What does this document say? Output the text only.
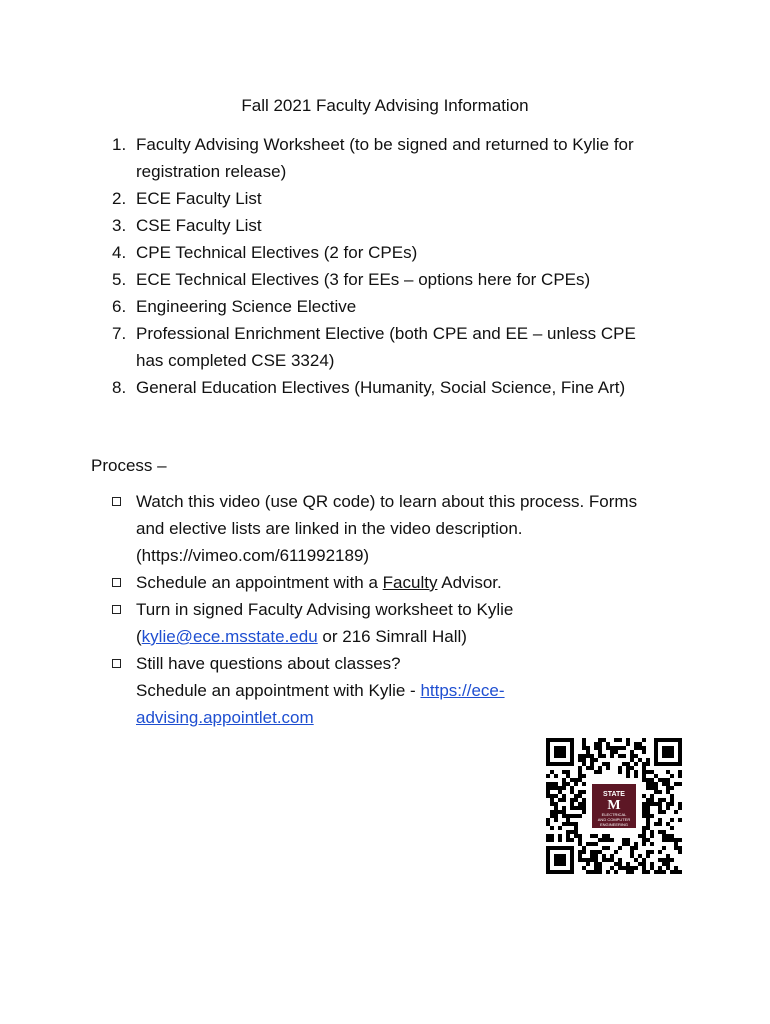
Fall 2021 Faculty Advising Information
1. Faculty Advising Worksheet (to be signed and returned to Kylie for
registration release)
2. ECE Faculty List
3. CSE Faculty List
4. CPE Technical Electives (2 for CPEs)
5. ECE Technical Electives (3 for EEs – options here for CPEs)
6. Engineering Science Elective
7. Professional Enrichment Elective (both CPE and EE – unless CPE
has completed CSE 3324)
8. General Education Electives (Humanity, Social Science, Fine Art)
Process –
Watch this video (use QR code) to learn about this process. Forms
and elective lists are linked in the video description.
(https://vimeo.com/611992189)
Schedule an appointment with a Faculty Advisor.
Turn in signed Faculty Advising worksheet to Kylie
(kylie@ece.msstate.edu or 216 Simrall Hall)
Still have questions about classes?
Schedule an appointment with Kylie - https://ece-
advising.appointlet.com
STATE
M
ELECTRICAL
AND COMPUTER
ENGINEERING
